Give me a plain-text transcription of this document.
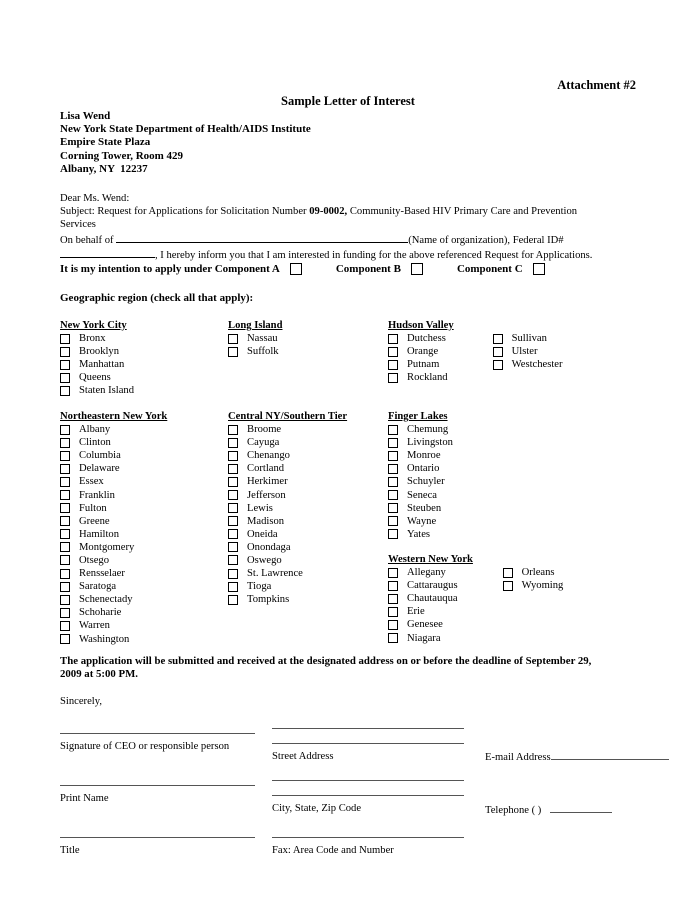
Attachment #2
Sample Letter of Interest
Lisa Wend
New York State Department of Health/AIDS Institute
Empire State Plaza
Corning Tower, Room 429
Albany, NY  12237
Dear Ms. Wend:
Subject: Request for Applications for Solicitation Number 09-0002, Community-Based HIV Primary Care and Prevention
Services
On behalf of	(Name of organization), Federal ID#
, I hereby inform you that I am interested in funding for the above referenced Request for Applications.
It is my intention to apply under Component A	Component B	Component C
Geographic region (check all that apply):
New York City
Bronx
Brooklyn
Manhattan
Queens
Staten Island
Long Island
Nassau
Suffolk
Hudson Valley
Dutchess
Orange
Putnam
Rockland
Sullivan
Ulster
Westchester
Northeastern New York
Albany
Clinton
Columbia
Delaware
Essex
Franklin
Fulton
Greene
Hamilton
Montgomery
Otsego
Rensselaer
Saratoga
Schenectady
Schoharie
Warren
Washington
Central NY/Southern Tier
Broome
Cayuga
Chenango
Cortland
Herkimer
Jefferson
Lewis
Madison
Oneida
Onondaga
Oswego
St. Lawrence
Tioga
Tompkins
Finger Lakes
Chemung
Livingston
Monroe
Ontario
Schuyler
Seneca
Steuben
Wayne
Yates
Western New York
Allegany
Cattaraugus
Chautauqua
Erie
Genesee
Niagara
Orleans
Wyoming
The application will be submitted and received at the designated address on or before the deadline of September 29,
2009 at 5:00 PM.
Sincerely,
Signature of CEO or responsible person
Print Name
Title
Street Address
City, State, Zip Code
Fax: Area Code and Number
E-mail Address
Telephone ( )
